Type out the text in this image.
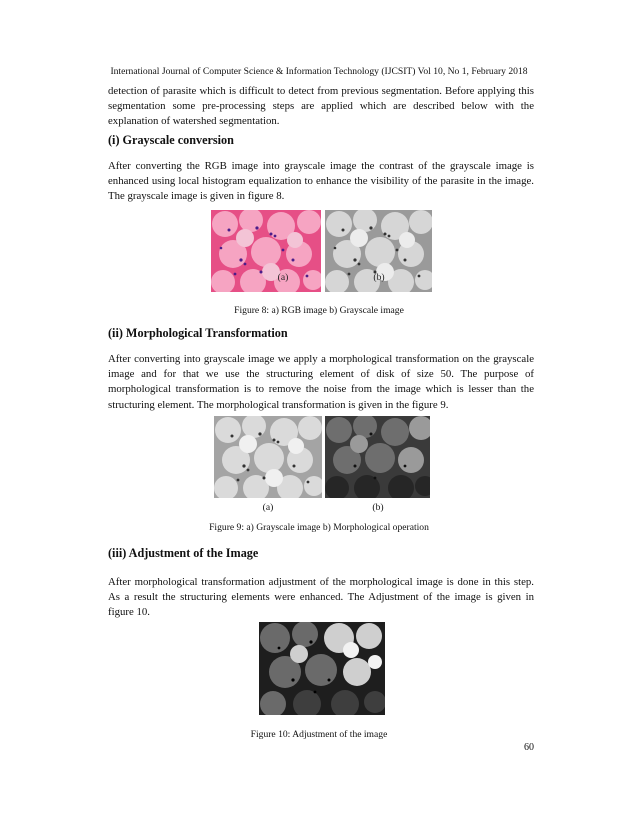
International Journal of Computer Science & Information Technology (IJCSIT) Vol 10, No 1, February 2018

detection of parasite which is difficult to detect from previous segmentation. Before applying this segmentation some pre-processing steps are applied which are described below with the explanation of watershed segmentation.

(i) Grayscale conversion

After converting the RGB image into grayscale image the contrast of the grayscale image is enhanced using local histogram equalization to enhance the visibility of the parasite in the image. The grayscale image is given in figure 8.

(a)	(b)
Figure 8: a) RGB image b) Grayscale image
(ii) Morphological Transformation

After converting into grayscale image we apply a morphological transformation on the grayscale image and for that we use the structuring element of disk of size 50. The purpose of morphological transformation is to remove the noise from the image which is lesser than the structuring element. The morphological transformation is given in the figure 9.

(a)	(b)
Figure 9: a) Grayscale image b) Morphological operation
(iii) Adjustment of the Image

After morphological transformation adjustment of the morphological image is done in this step. As a result the structuring elements were enhanced. The Adjustment of the image is given in figure 10.

Figure 10: Adjustment of the image
60
